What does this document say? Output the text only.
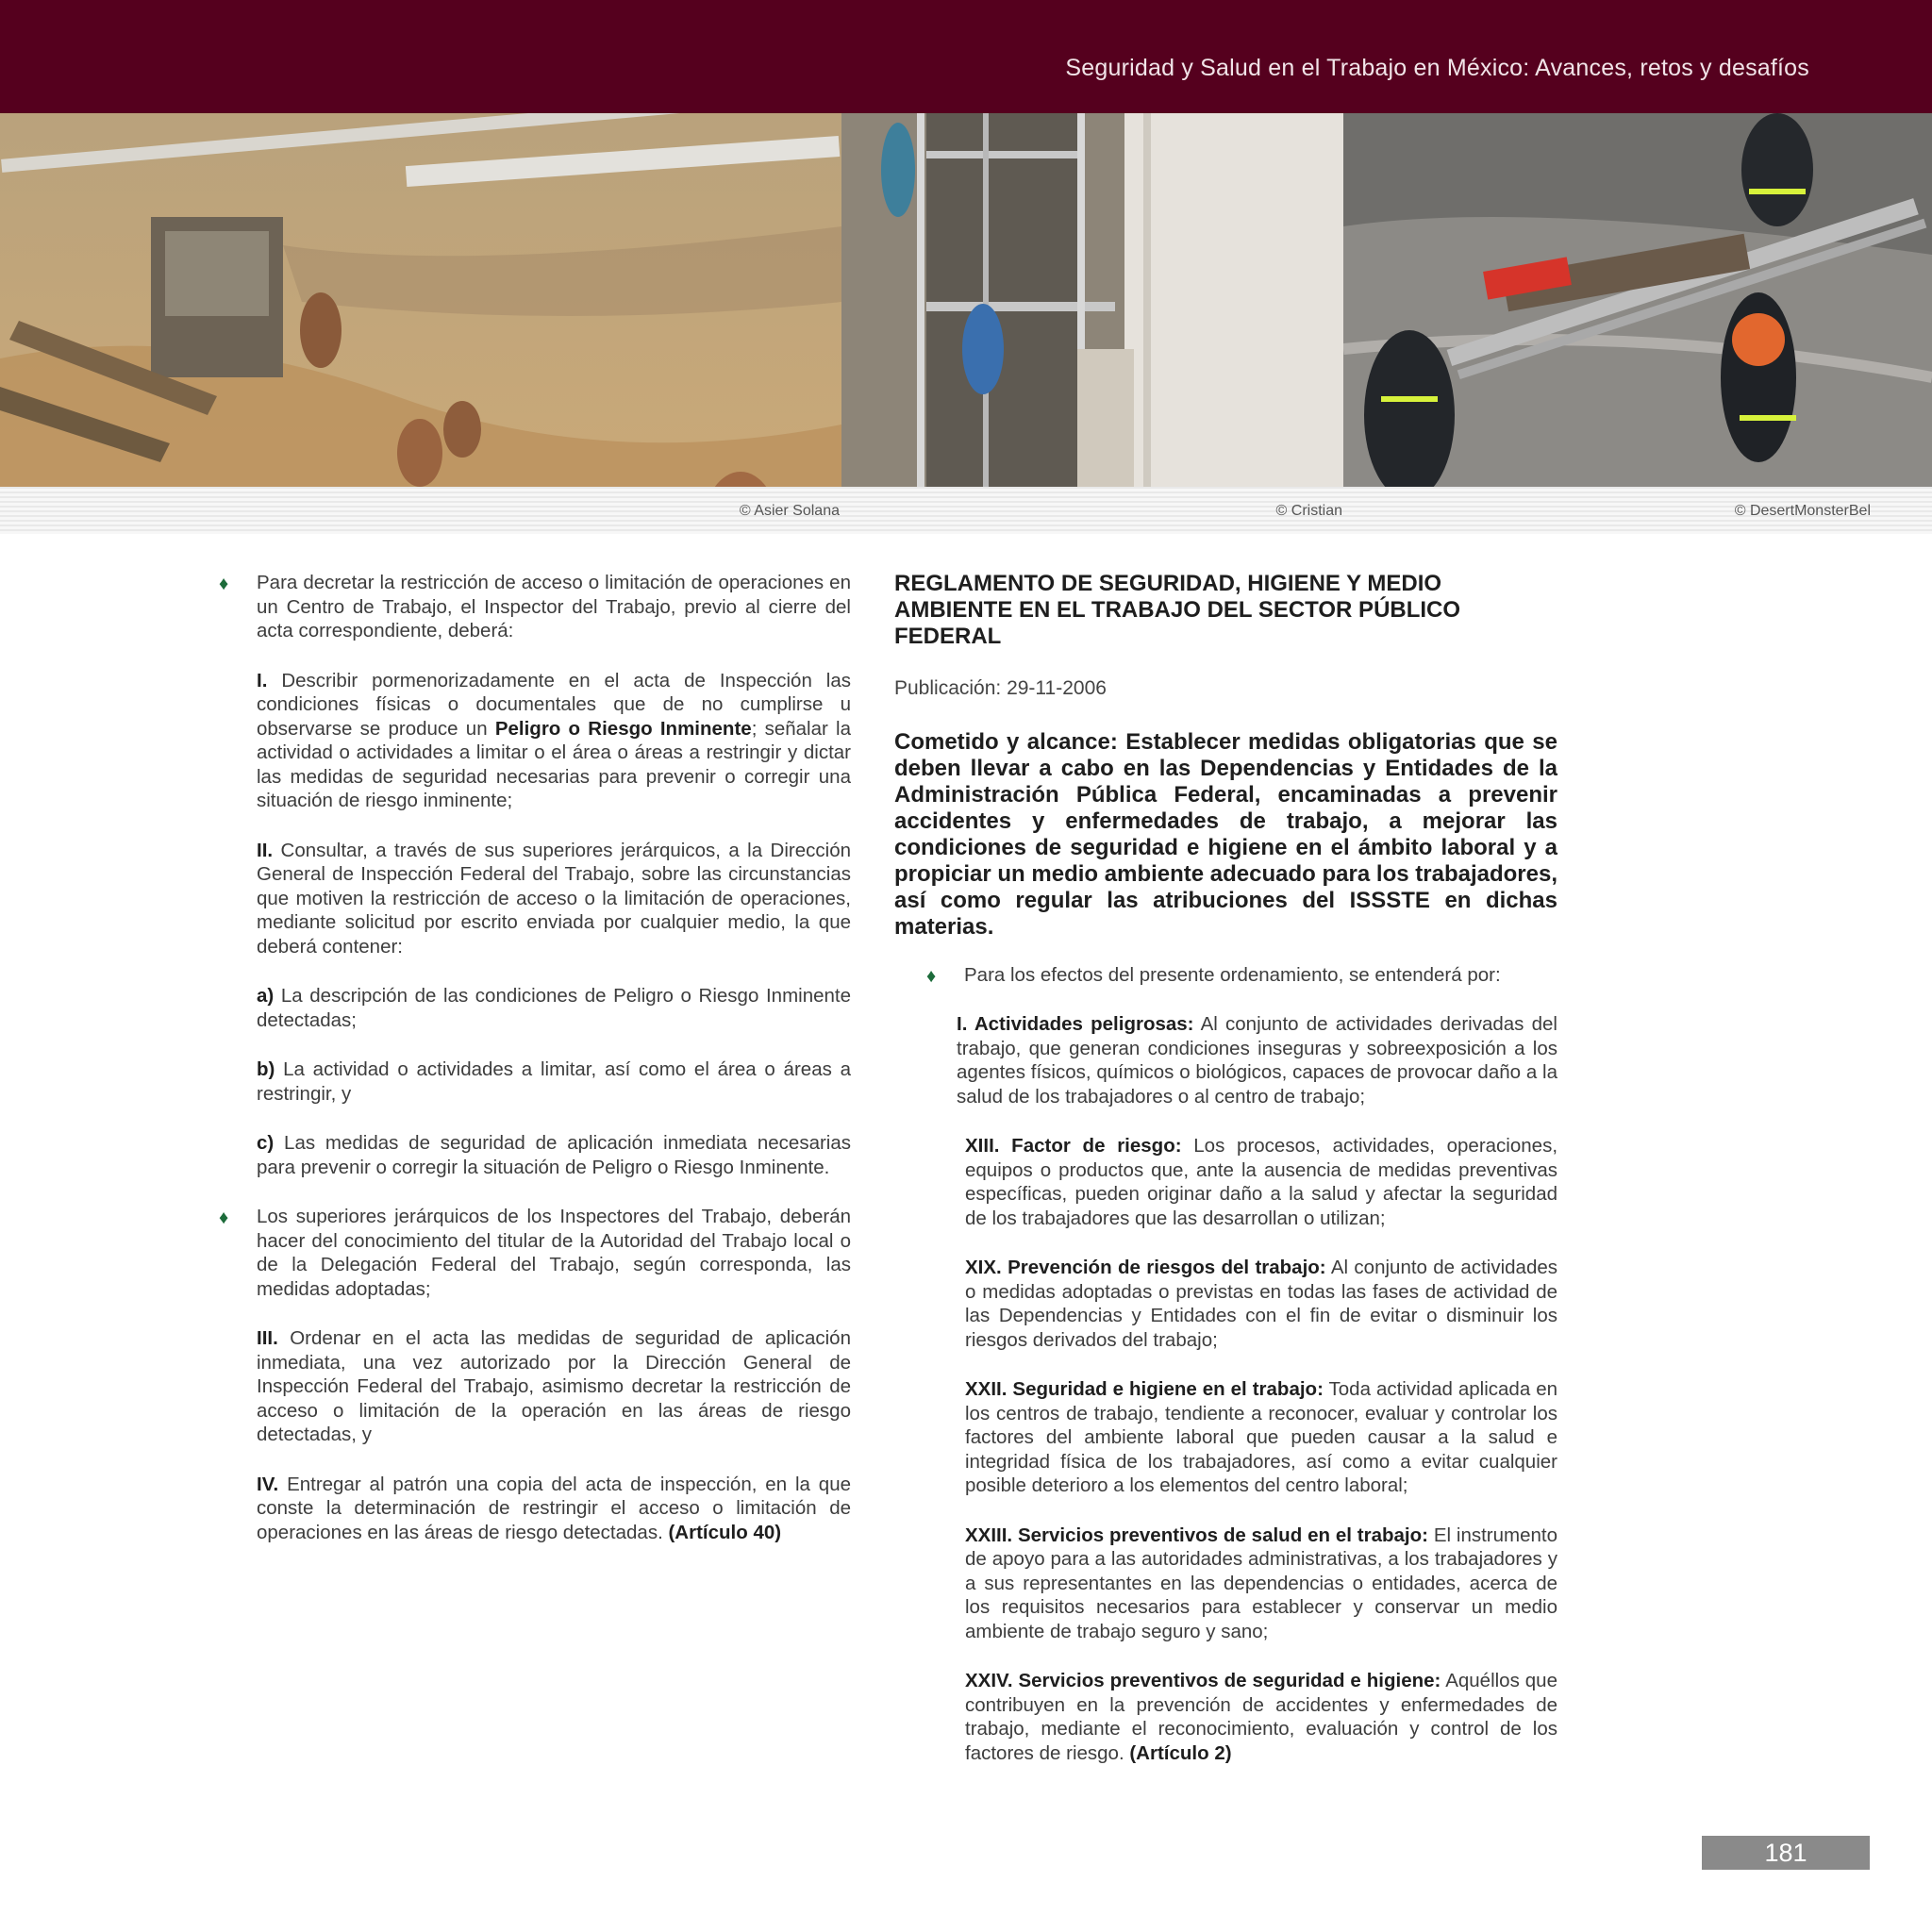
Seguridad y Salud en el Trabajo en México: Avances, retos y desafíos
© Asier Solana	© Cristian	© DesertMonsterBel
♦ Para decretar la restricción de acceso o limitación de operaciones en un Centro de Trabajo, el Inspector del Trabajo, previo al cierre del acta correspondiente, deberá:

I. Describir pormenorizadamente en el acta de Inspección las condiciones físicas o documentales que de no cumplirse u observarse se produce un Peligro o Riesgo Inminente; señalar la actividad o actividades a limitar o el área o áreas a restringir y dictar las medidas de seguridad necesarias para prevenir o corregir una situación de riesgo inminente;

II. Consultar, a través de sus superiores jerárquicos, a la Dirección General de Inspección Federal del Trabajo, sobre las circunstancias que motiven la restricción de acceso o la limitación de operaciones, mediante solicitud por escrito enviada por cualquier medio, la que deberá contener:

a) La descripción de las condiciones de Peligro o Riesgo Inminente detectadas;

b) La actividad o actividades a limitar, así como el área o áreas a restringir, y

c) Las medidas de seguridad de aplicación inmediata necesarias para prevenir o corregir la situación de Peligro o Riesgo Inminente.

♦ Los superiores jerárquicos de los Inspectores del Trabajo, deberán hacer del conocimiento del titular de la Autoridad del Trabajo local o de la Delegación Federal del Trabajo, según corresponda, las medidas adoptadas;

III. Ordenar en el acta las medidas de seguridad de aplicación inmediata, una vez autorizado por la Dirección General de Inspección Federal del Trabajo, asimismo decretar la restricción de acceso o limitación de la operación en las áreas de riesgo detectadas, y

IV. Entregar al patrón una copia del acta de inspección, en la que conste la determinación de restringir el acceso o limitación de operaciones en las áreas de riesgo detectadas. (Artículo 40)

REGLAMENTO DE SEGURIDAD, HIGIENE Y MEDIO AMBIENTE EN EL TRABAJO DEL SECTOR PÚBLICO FEDERAL
Publicación: 29-11-2006
Cometido y alcance: Establecer medidas obligatorias que se deben llevar a cabo en las Dependencias y Entidades de la Administración Pública Federal, encaminadas a prevenir accidentes y enfermedades de trabajo, a mejorar las condiciones de seguridad e higiene en el ámbito laboral y a propiciar un medio ambiente adecuado para los trabajadores, así como regular las atribuciones del ISSSTE en dichas materias.
♦ Para los efectos del presente ordenamiento, se entenderá por:

I. Actividades peligrosas: Al conjunto de actividades derivadas del trabajo, que generan condiciones inseguras y sobreexposición a los agentes físicos, químicos o biológicos, capaces de provocar daño a la salud de los trabajadores o al centro de trabajo;

XIII. Factor de riesgo: Los procesos, actividades, operaciones, equipos o productos que, ante la ausencia de medidas preventivas específicas, pueden originar daño a la salud y afectar la seguridad de los trabajadores que las desarrollan o utilizan;

XIX. Prevención de riesgos del trabajo: Al conjunto de actividades o medidas adoptadas o previstas en todas las fases de actividad de las Dependencias y Entidades con el fin de evitar o disminuir los riesgos derivados del trabajo;

XXII. Seguridad e higiene en el trabajo: Toda actividad aplicada en los centros de trabajo, tendiente a reconocer, evaluar y controlar los factores del ambiente laboral que pueden causar a la salud e integridad física de los trabajadores, así como a evitar cualquier posible deterioro a los elementos del centro laboral;

XXIII. Servicios preventivos de salud en el trabajo: El instrumento de apoyo para a las autoridades administrativas, a los trabajadores y a sus representantes en las dependencias o entidades, acerca de los requisitos necesarios para establecer y conservar un medio ambiente de trabajo seguro y sano;

XXIV. Servicios preventivos de seguridad e higiene: Aquéllos que contribuyen en la prevención de accidentes y enfermedades de trabajo, mediante el reconocimiento, evaluación y control de los factores de riesgo. (Artículo 2)

181
